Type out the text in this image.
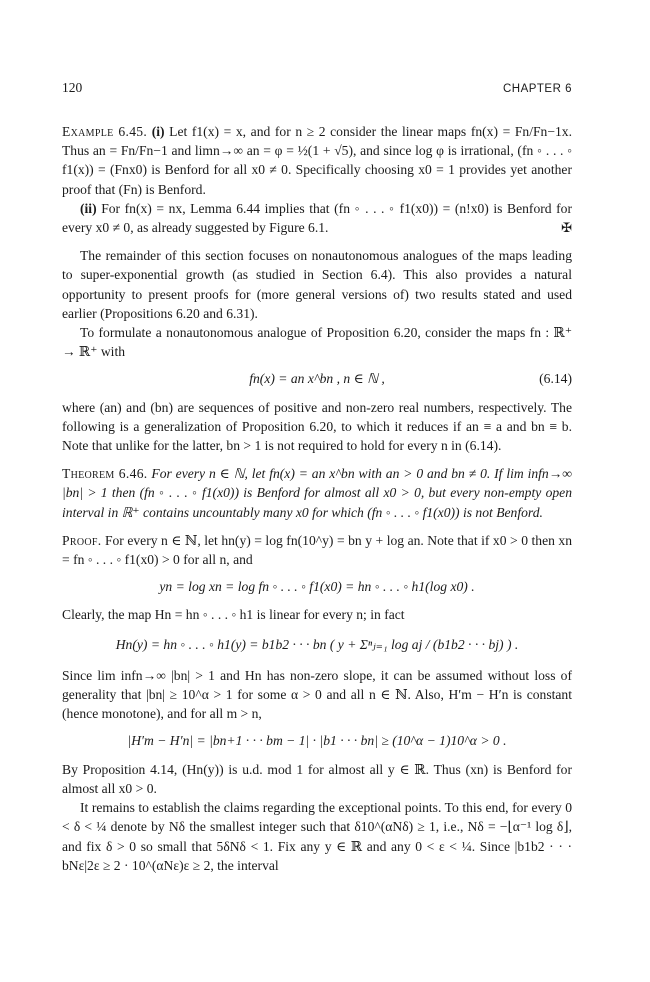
120	CHAPTER 6

Example 6.45. (i) Let f1(x) = x, and for n ≥ 2 consider the linear maps fn(x) = Fn/Fn−1x. Thus an = Fn/Fn−1 and limn→∞ an = φ = ½(1 + √5), and since log φ is irrational, (fn ◦ . . . ◦ f1(x)) = (Fnx0) is Benford for all x0 ≠ 0. Specifically choosing x0 = 1 provides yet another proof that (Fn) is Benford.

(ii) For fn(x) = nx, Lemma 6.44 implies that (fn ◦ . . . ◦ f1(x0)) = (n!x0) is Benford for every x0 ≠ 0, as already suggested by Figure 6.1.	✠

The remainder of this section focuses on nonautonomous analogues of the maps leading to super-exponential growth (as studied in Section 6.4). This also provides a natural opportunity to present proofs for (more general versions of) two results stated and used earlier (Propositions 6.20 and 6.31).

To formulate a nonautonomous analogue of Proposition 6.20, consider the maps fn : ℝ⁺ → ℝ⁺ with

fn(x) = an x^bn , n ∈ ℕ ,	(6.14)

where (an) and (bn) are sequences of positive and non-zero real numbers, respectively. The following is a generalization of Proposition 6.20, to which it reduces if an ≡ a and bn ≡ b. Note that unlike for the latter, bn > 1 is not required to hold for every n in (6.14).

Theorem 6.46. For every n ∈ ℕ, let fn(x) = an x^bn with an > 0 and bn ≠ 0. If lim infn→∞ |bn| > 1 then (fn ◦ . . . ◦ f1(x0)) is Benford for almost all x0 > 0, but every non-empty open interval in ℝ⁺ contains uncountably many x0 for which (fn ◦ . . . ◦ f1(x0)) is not Benford.

Proof. For every n ∈ ℕ, let hn(y) = log fn(10^y) = bn y + log an. Note that if x0 > 0 then xn = fn ◦ . . . ◦ f1(x0) > 0 for all n, and

yn = log xn = log fn ◦ . . . ◦ f1(x0) = hn ◦ . . . ◦ h1(log x0) .

Clearly, the map Hn = hn ◦ . . . ◦ h1 is linear for every n; in fact

Hn(y) = hn ◦ . . . ◦ h1(y) = b1b2 · · · bn ( y + Σⁿⱼ₌₁ log aj / (b1b2 · · · bj) ) .

Since lim infn→∞ |bn| > 1 and Hn has non-zero slope, it can be assumed without loss of generality that |bn| ≥ 10^α > 1 for some α > 0 and all n ∈ ℕ. Also, H′m − H′n is constant (hence monotone), and for all m > n,

|H′m − H′n| = |bn+1 · · · bm − 1| · |b1 · · · bn| ≥ (10^α − 1)10^α > 0 .

By Proposition 4.14, (Hn(y)) is u.d. mod 1 for almost all y ∈ ℝ. Thus (xn) is Benford for almost all x0 > 0.

It remains to establish the claims regarding the exceptional points. To this end, for every 0 < δ < ¼ denote by Nδ the smallest integer such that δ10^(αNδ) ≥ 1, i.e., Nδ = −⌊α⁻¹ log δ⌋, and fix δ > 0 so small that 5δNδ < 1. Fix any y ∈ ℝ and any 0 < ε < ¼. Since |b1b2 · · · bNε|2ε ≥ 2 · 10^(αNε)ε ≥ 2, the interval
